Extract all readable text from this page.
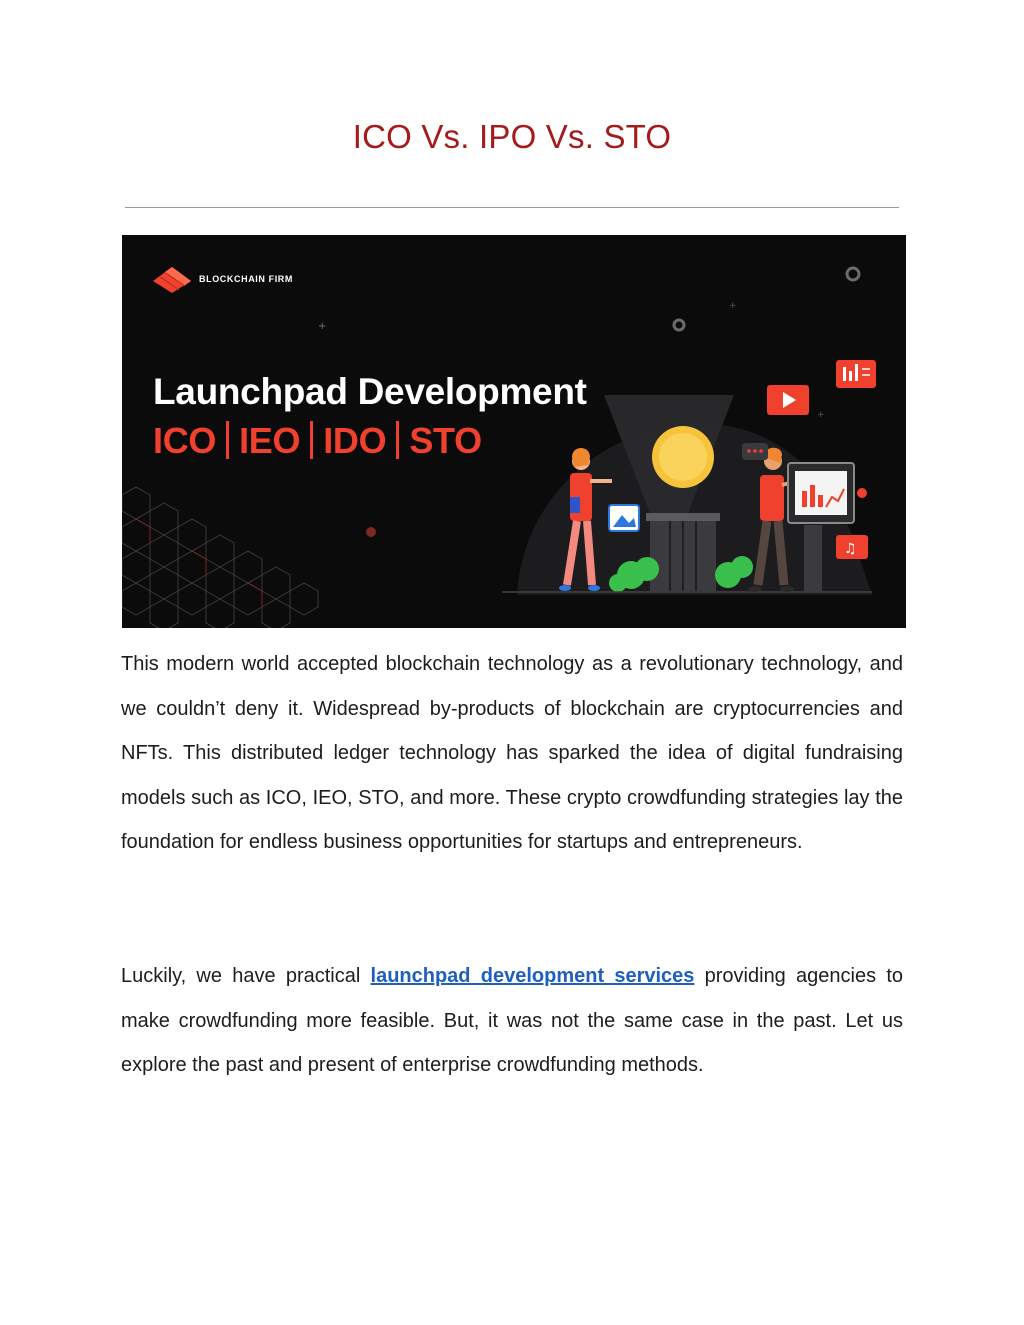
ICO Vs. IPO Vs. STO
+
+
+
♫
BLOCKCHAIN FIRM
Launchpad Development
ICO IEO IDO STO

This modern world accepted blockchain technology as a revolutionary technology, and we couldn’t deny it. Widespread by-products of blockchain are cryptocurrencies and NFTs. This distributed ledger technology has sparked the idea of digital fundraising models such as ICO, IEO, STO, and more. These crypto crowdfunding strategies lay the foundation for endless business opportunities for startups and entrepreneurs.

Luckily, we have practical launchpad development services providing agencies to make crowdfunding more feasible. But, it was not the same case in the past. Let us explore the past and present of enterprise crowdfunding methods.
